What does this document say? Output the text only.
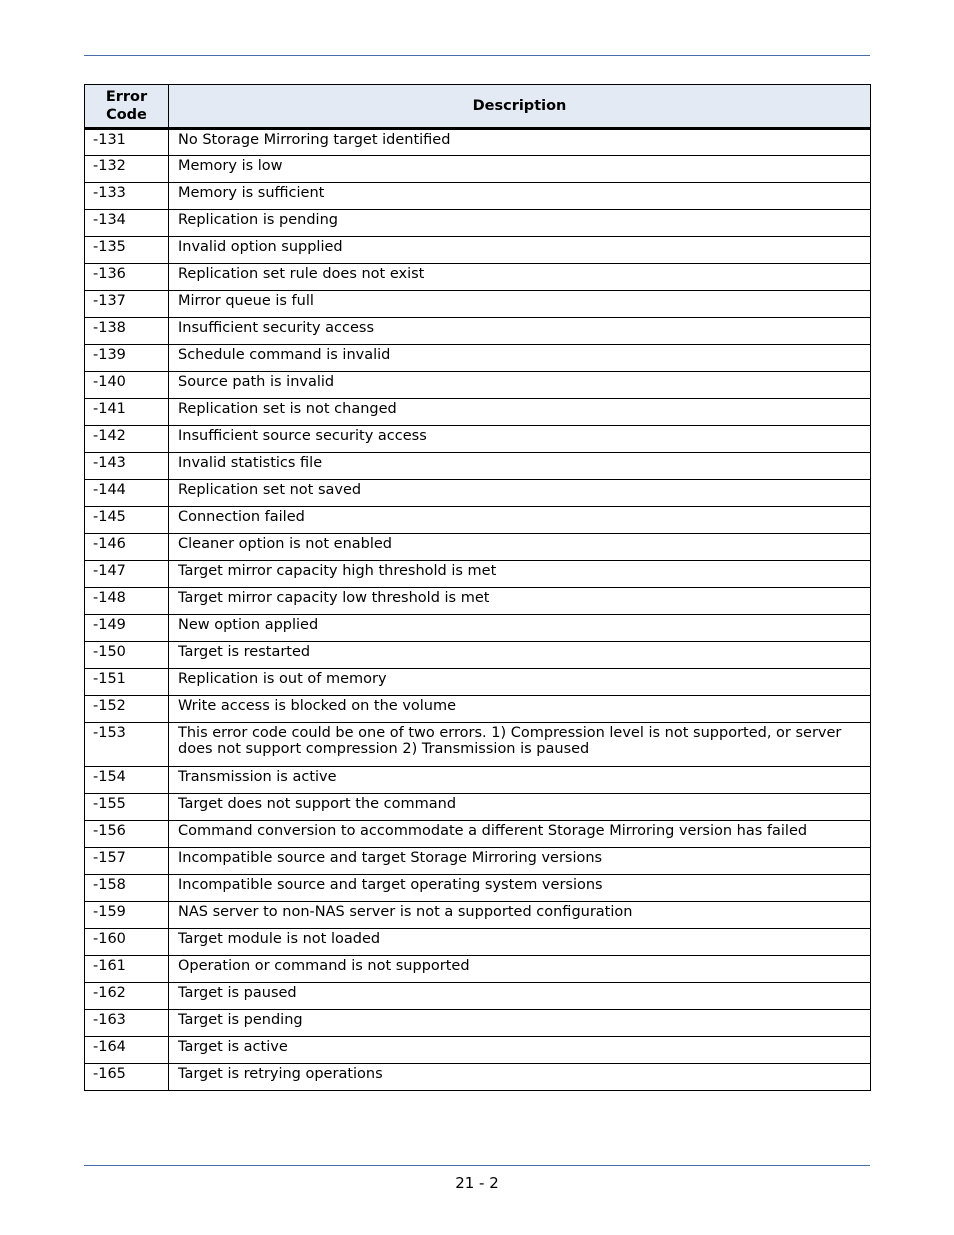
Error Code	Description
-131	No Storage Mirroring target identified
-132	Memory is low
-133	Memory is sufficient
-134	Replication is pending
-135	Invalid option supplied
-136	Replication set rule does not exist
-137	Mirror queue is full
-138	Insufficient security access
-139	Schedule command is invalid
-140	Source path is invalid
-141	Replication set is not changed
-142	Insufficient source security access
-143	Invalid statistics file
-144	Replication set not saved
-145	Connection failed
-146	Cleaner option is not enabled
-147	Target mirror capacity high threshold is met
-148	Target mirror capacity low threshold is met
-149	New option applied
-150	Target is restarted
-151	Replication is out of memory
-152	Write access is blocked on the volume
-153	This error code could be one of two errors. 1) Compression level is not supported, or server does not support compression 2) Transmission is paused
-154	Transmission is active
-155	Target does not support the command
-156	Command conversion to accommodate a different Storage Mirroring version has failed
-157	Incompatible source and target Storage Mirroring versions
-158	Incompatible source and target operating system versions
-159	NAS server to non-NAS server is not a supported configuration
-160	Target module is not loaded
-161	Operation or command is not supported
-162	Target is paused
-163	Target is pending
-164	Target is active
-165	Target is retrying operations
21 - 2
